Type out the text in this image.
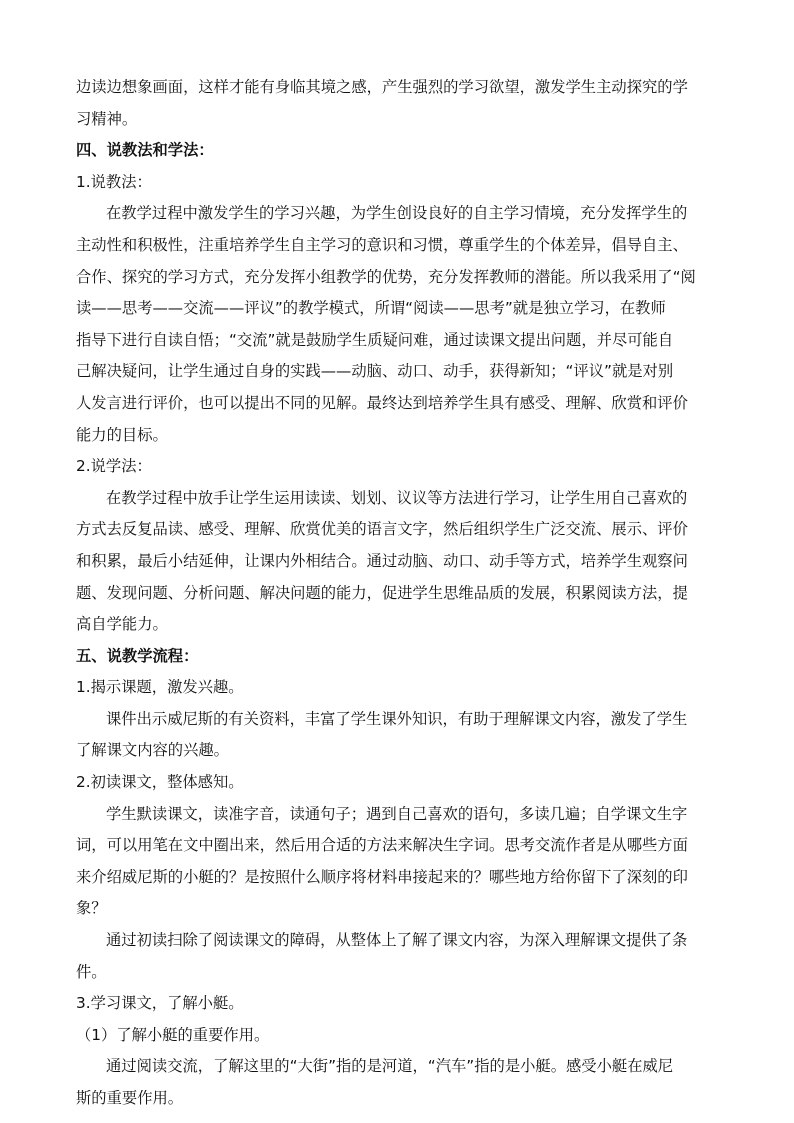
边读边想象画面，这样才能有身临其境之感，产生强烈的学习欲望，激发学生主动探究的学
习精神。
四、说教法和学法：
1.说教法：
在教学过程中激发学生的学习兴趣，为学生创设良好的自主学习情境，充分发挥学生的
主动性和积极性，注重培养学生自主学习的意识和习惯，尊重学生的个体差异，倡导自主、
合作、探究的学习方式，充分发挥小组教学的优势，充分发挥教师的潜能。所以我采用了“阅
读——思考——交流——评议”的教学模式，所谓“阅读——思考”就是独立学习，在教师
指导下进行自读自悟；“交流”就是鼓励学生质疑问难，通过读课文提出问题，并尽可能自
己解决疑问，让学生通过自身的实践——动脑、动口、动手，获得新知；“评议”就是对别
人发言进行评价，也可以提出不同的见解。最终达到培养学生具有感受、理解、欣赏和评价
能力的目标。
2.说学法：
在教学过程中放手让学生运用读读、划划、议议等方法进行学习，让学生用自己喜欢的
方式去反复品读、感受、理解、欣赏优美的语言文字，然后组织学生广泛交流、展示、评价
和积累，最后小结延伸，让课内外相结合。通过动脑、动口、动手等方式，培养学生观察问
题、发现问题、分析问题、解决问题的能力，促进学生思维品质的发展，积累阅读方法，提
高自学能力。
五、说教学流程：
1.揭示课题，激发兴趣。
课件出示威尼斯的有关资料，丰富了学生课外知识，有助于理解课文内容，激发了学生
了解课文内容的兴趣。
2.初读课文，整体感知。
学生默读课文，读准字音，读通句子；遇到自己喜欢的语句，多读几遍；自学课文生字
词，可以用笔在文中圈出来，然后用合适的方法来解决生字词。思考交流作者是从哪些方面
来介绍威尼斯的小艇的？是按照什么顺序将材料串接起来的？哪些地方给你留下了深刻的印
象？
通过初读扫除了阅读课文的障碍，从整体上了解了课文内容，为深入理解课文提供了条
件。
3.学习课文，了解小艇。
（1）了解小艇的重要作用。
通过阅读交流，了解这里的“大街”指的是河道，“汽车”指的是小艇。感受小艇在威尼
斯的重要作用。
